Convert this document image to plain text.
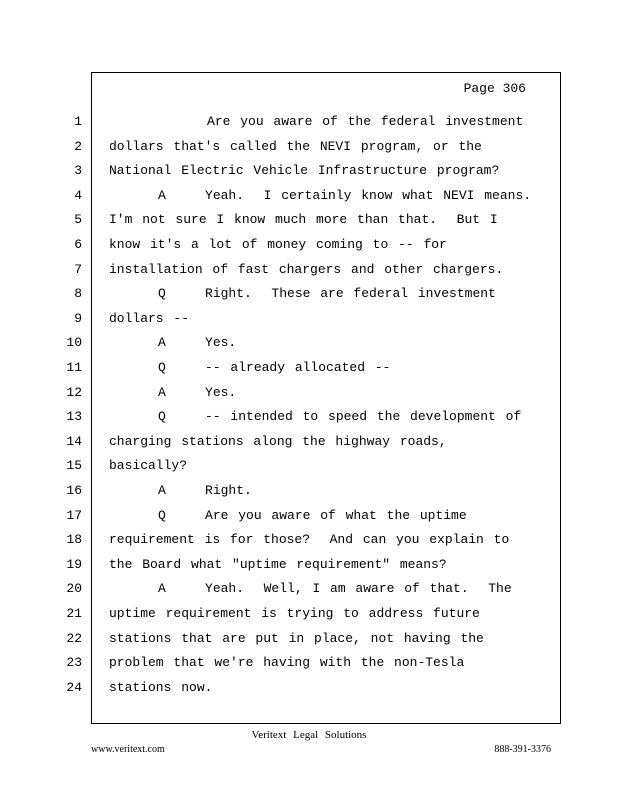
Page 306
1 Are you aware of the federal investment
2 dollars that's called the NEVI program, or the
3 National Electric Vehicle Infrastructure program?
4 A    Yeah.  I certainly know what NEVI means.
5 I'm not sure I know much more than that.  But I
6 know it's a lot of money coming to -- for
7 installation of fast chargers and other chargers.
8 Q    Right.  These are federal investment
9 dollars --
10 A    Yes.
11 Q    -- already allocated --
12 A    Yes.
13 Q    -- intended to speed the development of
14 charging stations along the highway roads,
15 basically?
16 A    Right.
17 Q    Are you aware of what the uptime
18 requirement is for those?  And can you explain to
19 the Board what "uptime requirement" means?
20 A    Yeah.  Well, I am aware of that.  The
21 uptime requirement is trying to address future
22 stations that are put in place, not having the
23 problem that we're having with the non-Tesla
24 stations now.
Veritext Legal Solutions
www.veritext.com	888-391-3376
